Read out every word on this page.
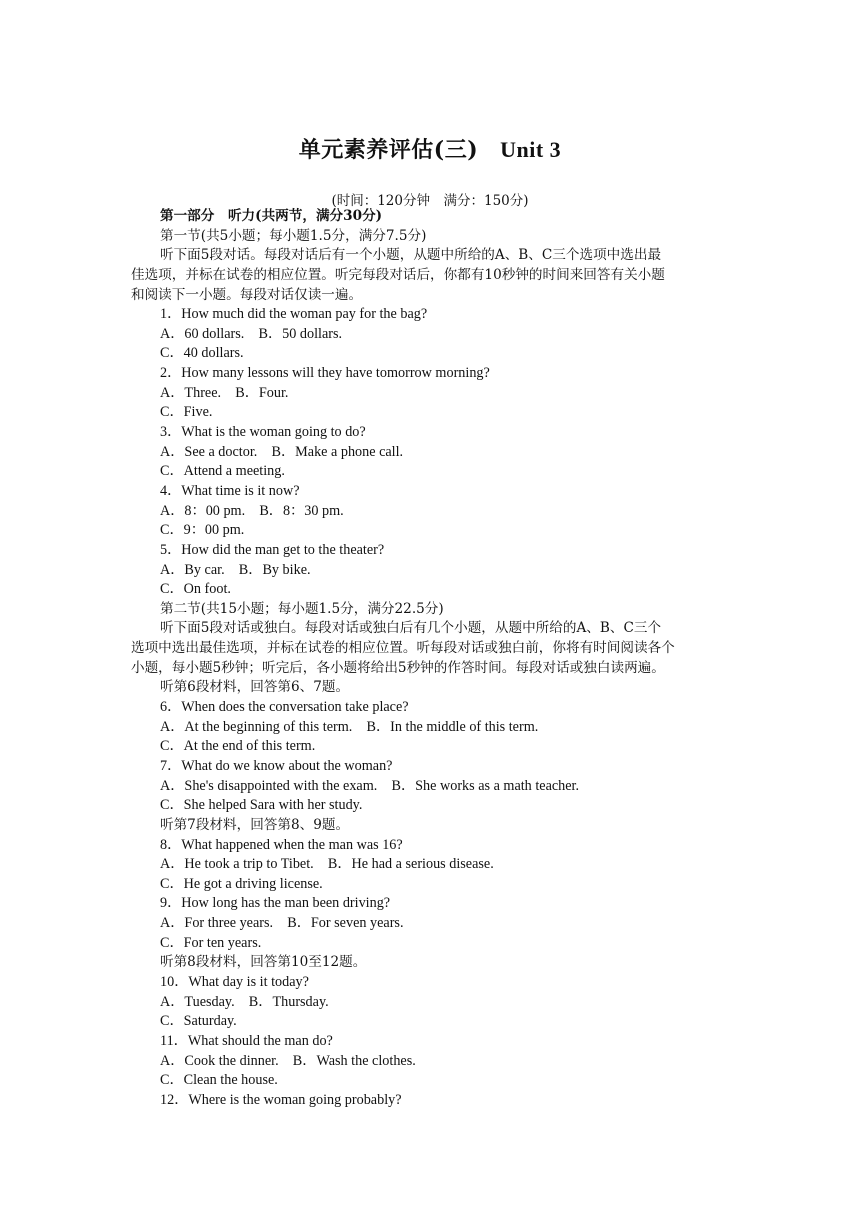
单元素养评估(三) Unit 3
(时间：120分钟　满分：150分)
第一部分　听力(共两节，满分30分)
第一节(共5小题；每小题1.5分，满分7.5分)
听下面5段对话。每段对话后有一个小题，从题中所给的A、B、C三个选项中选出最
佳选项，并标在试卷的相应位置。听完每段对话后，你都有10秒钟的时间来回答有关小题
和阅读下一小题。每段对话仅读一遍。
1．How much did the woman pay for the bag?
A．60 dollars.　B．50 dollars.
C．40 dollars.
2．How many lessons will they have tomorrow morning?
A．Three.　B．Four.
C．Five.
3．What is the woman going to do?
A．See a doctor.　B．Make a phone call.
C．Attend a meeting.
4．What time is it now?
A．8：00 pm.　B．8：30 pm.
C．9：00 pm.
5．How did the man get to the theater?
A．By car.　B．By bike.
C．On foot.
第二节(共15小题；每小题1.5分，满分22.5分)
听下面5段对话或独白。每段对话或独白后有几个小题，从题中所给的A、B、C三个
选项中选出最佳选项，并标在试卷的相应位置。听每段对话或独白前，你将有时间阅读各个
小题，每小题5秒钟；听完后，各小题将给出5秒钟的作答时间。每段对话或独白读两遍。
听第6段材料，回答第6、7题。
6．When does the conversation take place?
A．At the beginning of this term.　B．In the middle of this term.
C．At the end of this term.
7．What do we know about the woman?
A．She's disappointed with the exam.　B．She works as a math teacher.
C．She helped Sara with her study.
听第7段材料，回答第8、9题。
8．What happened when the man was 16?
A．He took a trip to Tibet.　B．He had a serious disease.
C．He got a driving license.
9．How long has the man been driving?
A．For three years.　B．For seven years.
C．For ten years.
听第8段材料，回答第10至12题。
10．What day is it today?
A．Tuesday.　B．Thursday.
C．Saturday.
11．What should the man do?
A．Cook the dinner.　B．Wash the clothes.
C．Clean the house.
12．Where is the woman going probably?
